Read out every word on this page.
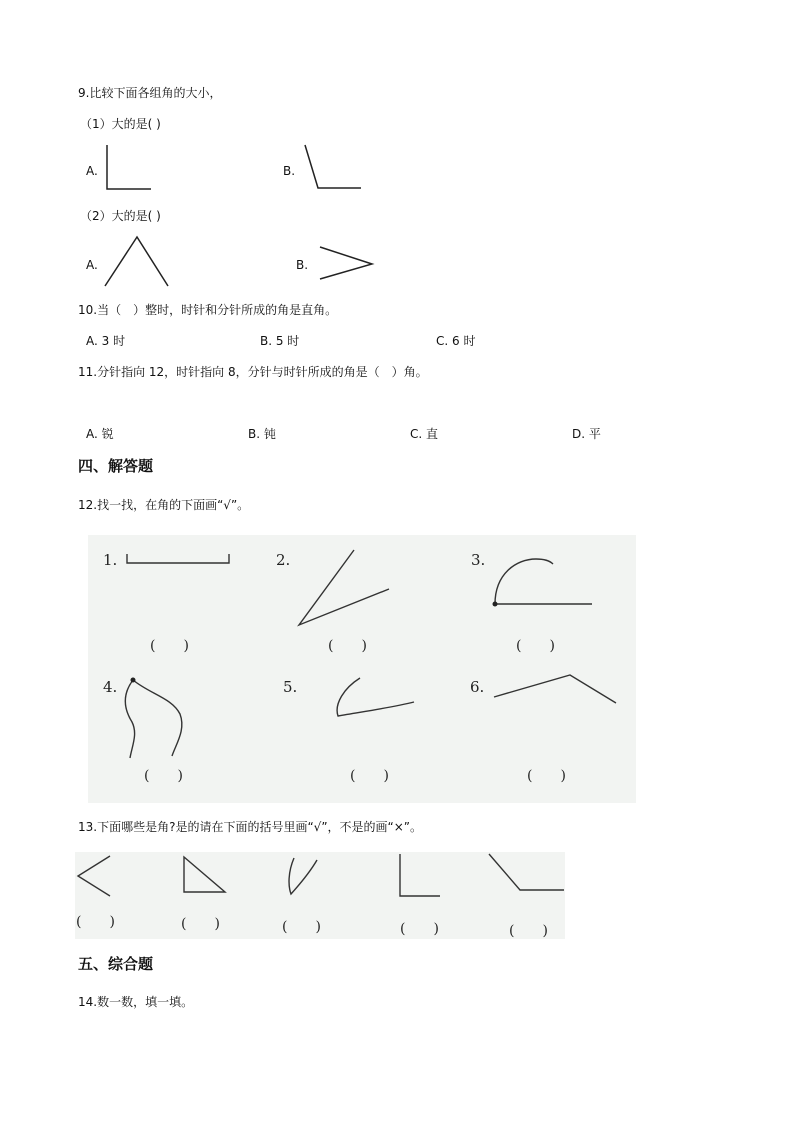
9.比较下面各组角的大小，
（1）大的是( )
A.	B.
（2）大的是( )
A.	B.
10.当（　）整时，时针和分针所成的角是直角。
A. 3 时	B. 5 时	C. 6 时
11.分针指向 12，时针指向 8，分针与时针所成的角是（　）角。
A. 锐	B. 钝	C. 直	D. 平
四、解答题
12.找一找，在角的下面画“√”。
1.
(　　)
2.
(　　)
3.
(　　)
4.
(　　)
5.
(　　)
6.
(　　)
13.下面哪些是角?是的请在下面的括号里画“√”，不是的画“×”。
(　　)	(　　)	(　　)	(　　)	(　　)
五、综合题
14.数一数，填一填。
